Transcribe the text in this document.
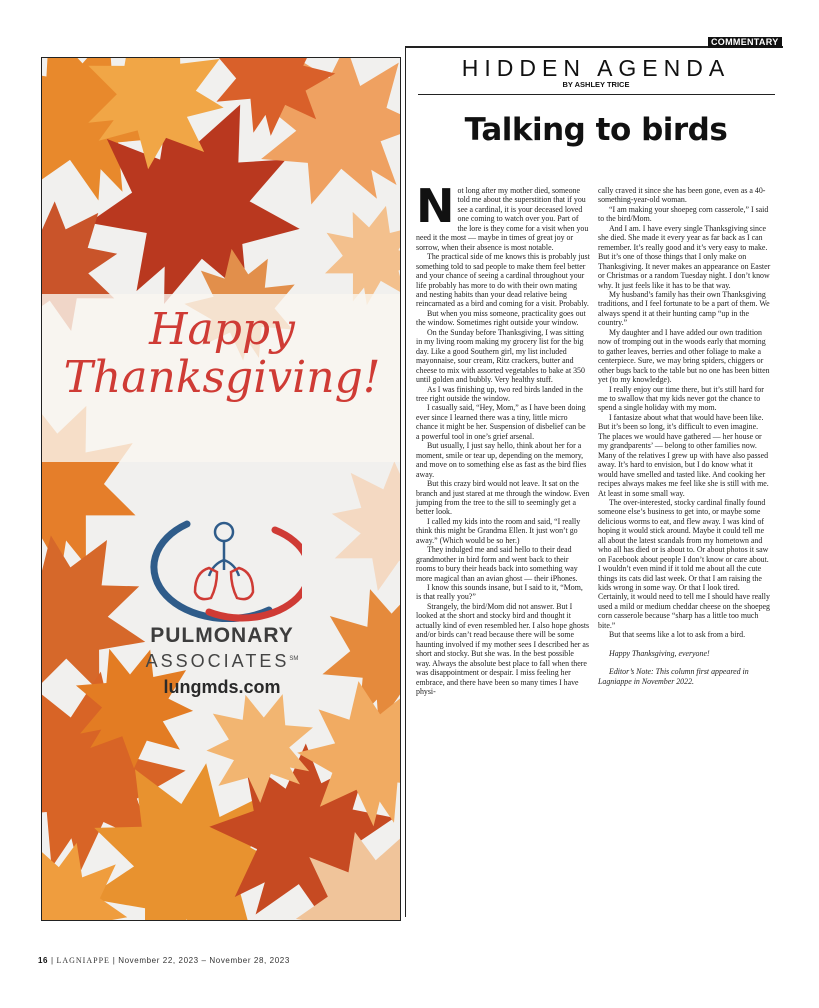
Happy
Thanksgiving!
PULMONARY
ASSOCIATES℠
lungmds.com
COMMENTARY
HIDDEN AGENDA
BY ASHLEY TRICE
Talking to birds

Not long after my mother died, someone told me about the superstition that if you see a cardinal, it is your deceased loved one coming to watch over you. Part of the lore is they come for a visit when you need it the most — maybe in times of great joy or sorrow, when their absence is most notable.

The practical side of me knows this is probably just something told to sad people to make them feel better and your chance of seeing a cardinal throughout your life probably has more to do with their own mating and nesting habits than your dead relative being reincarnated as a bird and coming for a visit. Probably.

But when you miss someone, practicality goes out the window. Sometimes right outside your window.

On the Sunday before Thanksgiving, I was sitting in my living room making my grocery list for the big day. Like a good Southern girl, my list included mayonnaise, sour cream, Ritz crackers, butter and cheese to mix with assorted vegetables to bake at 350 until golden and bubbly. Very healthy stuff.

As I was finishing up, two red birds landed in the tree right outside the window.

I casually said, “Hey, Mom,” as I have been doing ever since I learned there was a tiny, little micro chance it might be her. Suspension of disbelief can be a powerful tool in one’s grief arsenal.

But usually, I just say hello, think about her for a moment, smile or tear up, depending on the memory, and move on to something else as fast as the bird flies away.

But this crazy bird would not leave. It sat on the branch and just stared at me through the window. Even jumping from the tree to the sill to seemingly get a better look.

I called my kids into the room and said, “I really think this might be Grandma Ellen. It just won’t go away.” (Which would be so her.)

They indulged me and said hello to their dead grandmother in bird form and went back to their rooms to bury their heads back into something way more magical than an avian ghost — their iPhones.

I know this sounds insane, but I said to it, “Mom, is that really you?”

Strangely, the bird/Mom did not answer. But I looked at the short and stocky bird and thought it actually kind of even resembled her. I also hope ghosts and/or birds can’t read because there will be some haunting involved if my mother sees I described her as short and stocky. But she was. In the best possible way. Always the absolute best place to fall when there was disappointment or despair. I miss feeling her embrace, and there have been so many times I have physi-

cally craved it since she has been gone, even as a 40-something-year-old woman.

“I am making your shoepeg corn casserole,” I said to the bird/Mom.

And I am. I have every single Thanksgiving since she died. She made it every year as far back as I can remember. It’s really good and it’s very easy to make. But it’s one of those things that I only make on Thanksgiving. It never makes an appearance on Easter or Christmas or a random Tuesday night. I don’t know why. It just feels like it has to be that way.

My husband’s family has their own Thanksgiving traditions, and I feel fortunate to be a part of them. We always spend it at their hunting camp “up in the country.”

My daughter and I have added our own tradition now of tromping out in the woods early that morning to gather leaves, berries and other foliage to make a centerpiece. Sure, we may bring spiders, chiggers or other bugs back to the table but no one has been bitten yet (to my knowledge).

I really enjoy our time there, but it’s still hard for me to swallow that my kids never got the chance to spend a single holiday with my mom.

I fantasize about what that would have been like. But it’s been so long, it’s difficult to even imagine. The places we would have gathered — her house or my grandparents’ — belong to other families now. Many of the relatives I grew up with have also passed away. It’s hard to envision, but I do know what it would have smelled and tasted like. And cooking her recipes always makes me feel like she is still with me. At least in some small way.

The over-interested, stocky cardinal finally found someone else’s business to get into, or maybe some delicious worms to eat, and flew away. I was kind of hoping it would stick around. Maybe it could tell me all about the latest scandals from my hometown and who all has died or is about to. Or about photos it saw on Facebook about people I don’t know or care about. I wouldn’t even mind if it told me about all the cute things its cats did last week. Or that I am raising the kids wrong in some way. Or that I look tired. Certainly, it would need to tell me I should have really used a mild or medium cheddar cheese on the shoepeg corn casserole because “sharp has a little too much bite.”

But that seems like a lot to ask from a bird.

Happy Thanksgiving, everyone!

Editor’s Note: This column first appeared in Lagniappe in November 2022.

16 | LAGNIAPPE | November 22, 2023 – November 28, 2023
